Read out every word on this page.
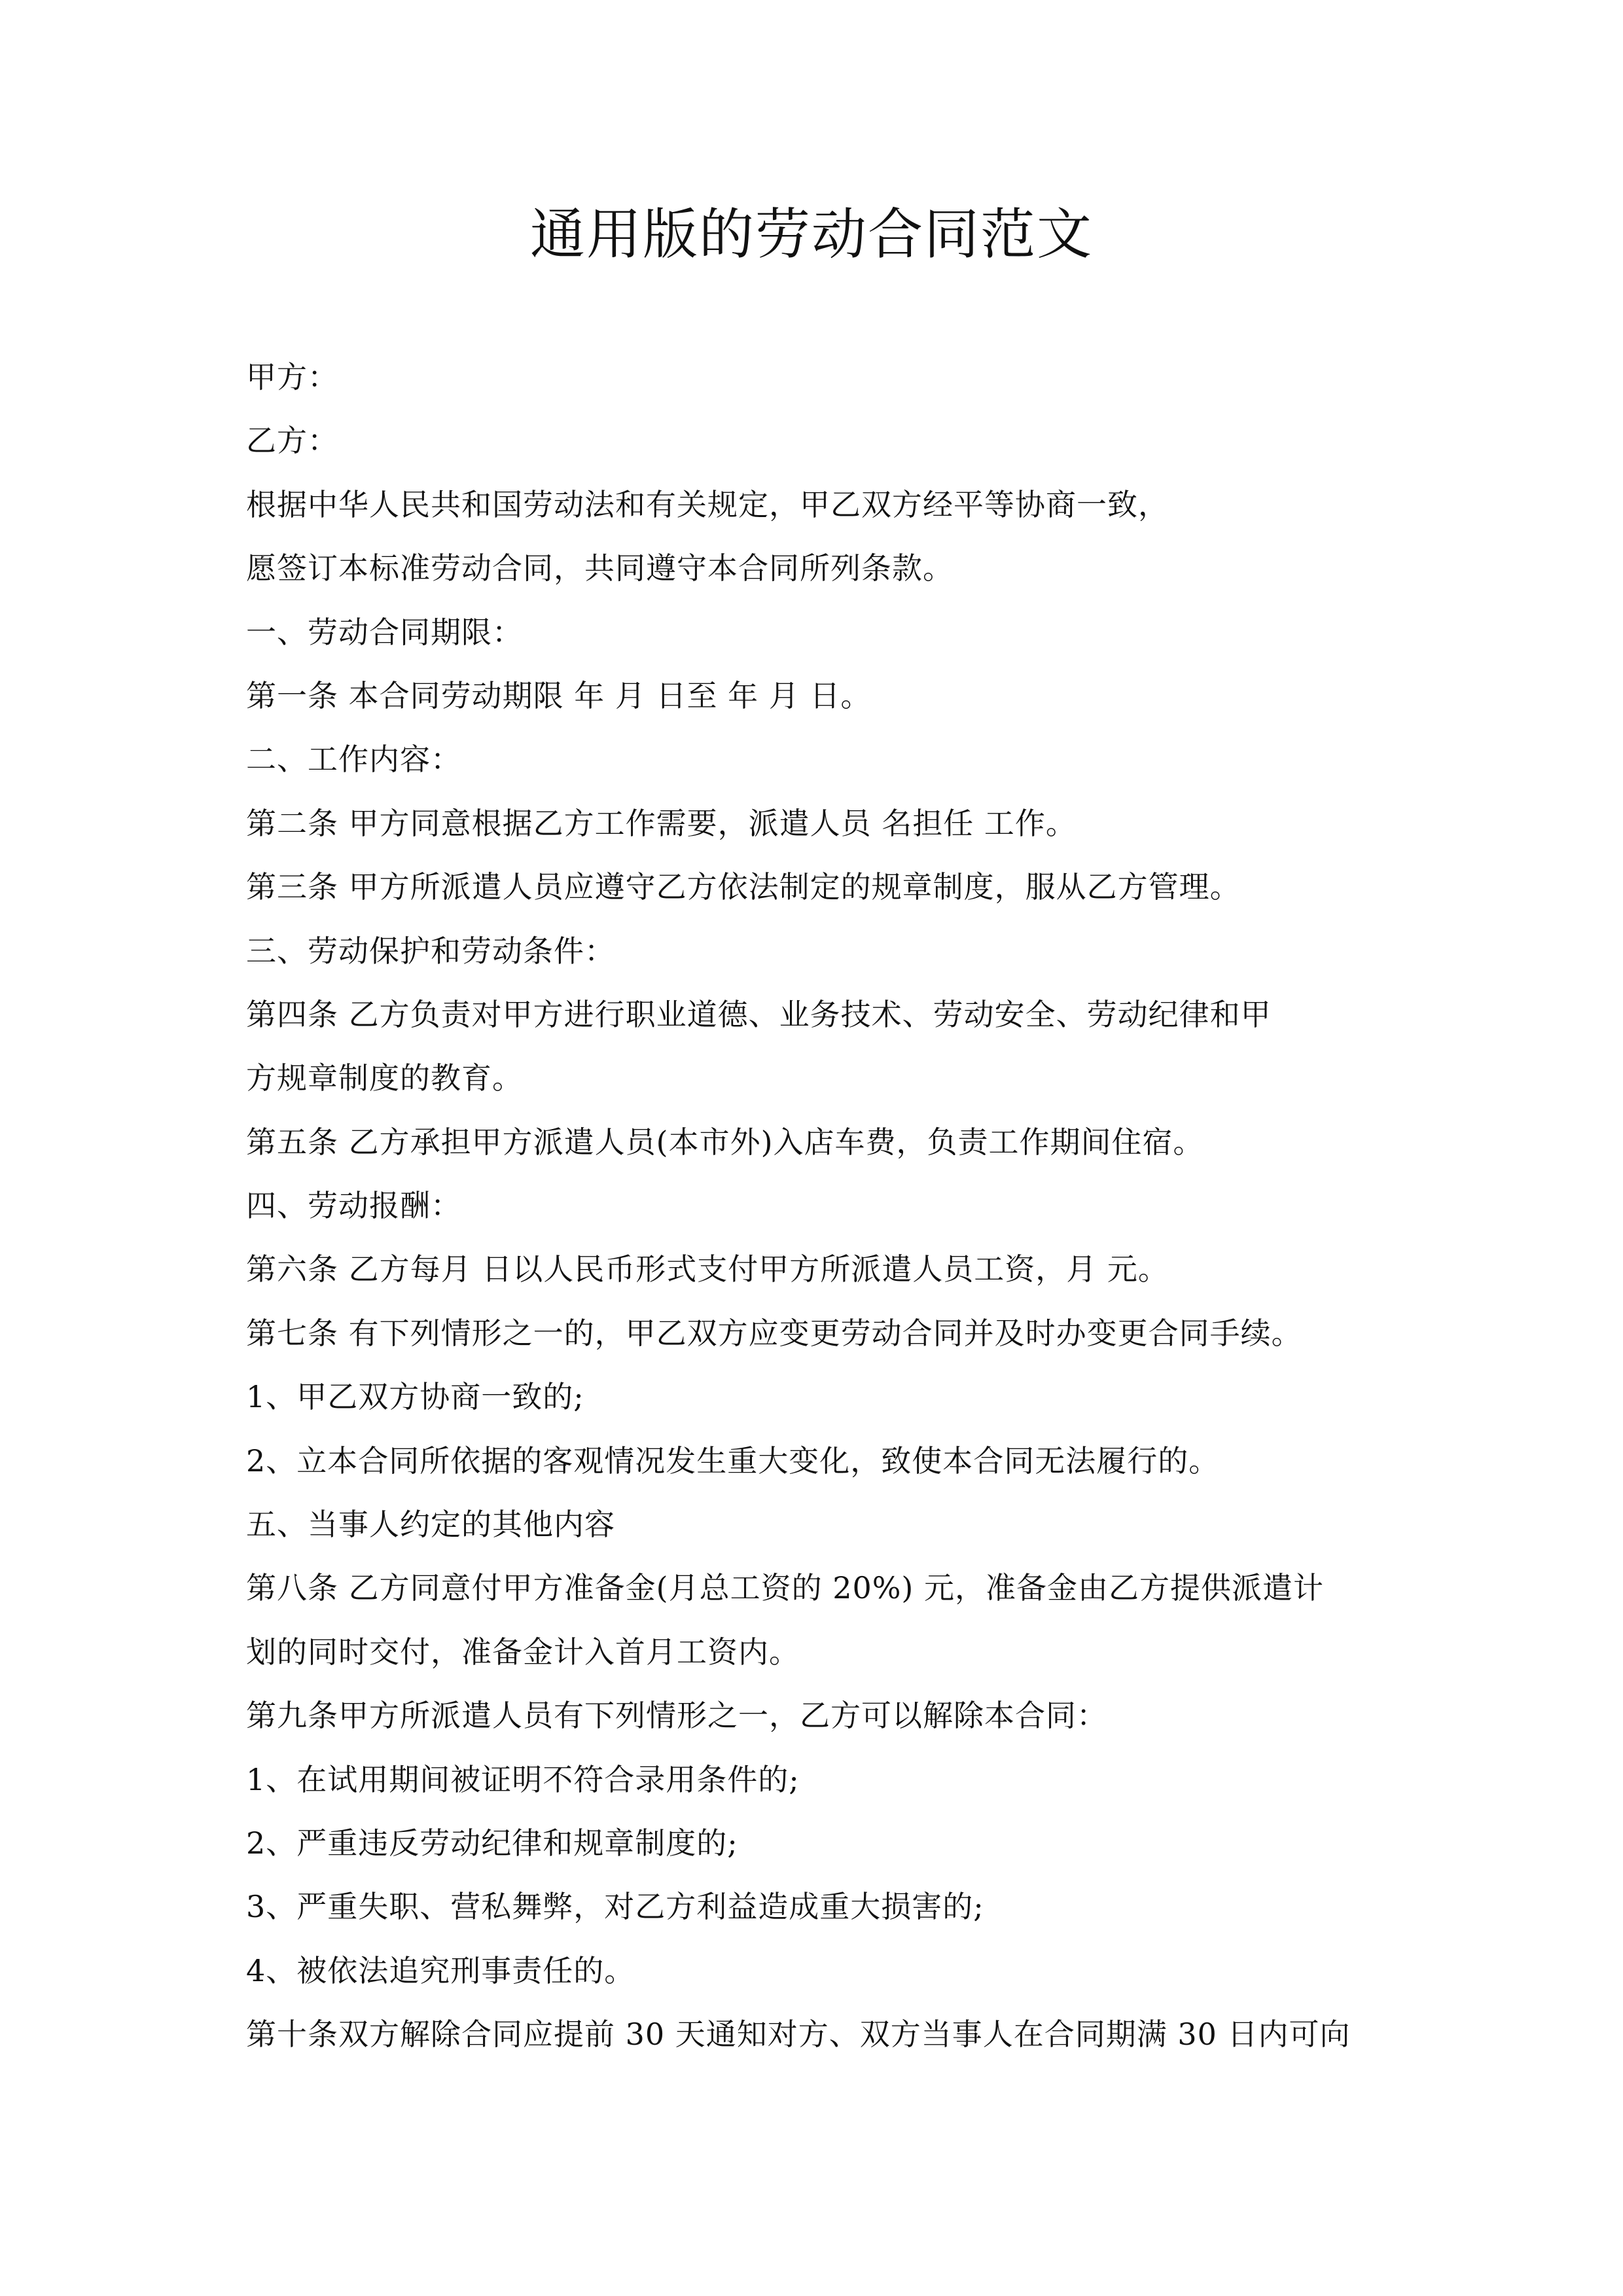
通用版的劳动合同范文
甲方：
乙方：
根据中华人民共和国劳动法和有关规定，甲乙双方经平等协商一致，
愿签订本标准劳动合同，共同遵守本合同所列条款。
一、劳动合同期限：
第一条 本合同劳动期限 年 月 日至 年 月 日。
二、工作内容：
第二条 甲方同意根据乙方工作需要，派遣人员 名担任 工作。
第三条 甲方所派遣人员应遵守乙方依法制定的规章制度，服从乙方管理。
三、劳动保护和劳动条件：
第四条 乙方负责对甲方进行职业道德、业务技术、劳动安全、劳动纪律和甲
方规章制度的教育。
第五条 乙方承担甲方派遣人员(本市外)入店车费，负责工作期间住宿。
四、劳动报酬：
第六条 乙方每月 日以人民币形式支付甲方所派遣人员工资，月 元。
第七条 有下列情形之一的，甲乙双方应变更劳动合同并及时办变更合同手续。
1、甲乙双方协商一致的;
2、立本合同所依据的客观情况发生重大变化，致使本合同无法履行的。
五、当事人约定的其他内容
第八条 乙方同意付甲方准备金(月总工资的 20%) 元，准备金由乙方提供派遣计
划的同时交付，准备金计入首月工资内。
第九条甲方所派遣人员有下列情形之一，乙方可以解除本合同：
1、在试用期间被证明不符合录用条件的;
2、严重违反劳动纪律和规章制度的;
3、严重失职、营私舞弊，对乙方利益造成重大损害的;
4、被依法追究刑事责任的。
第十条双方解除合同应提前 30 天通知对方、双方当事人在合同期满 30 日内可向
